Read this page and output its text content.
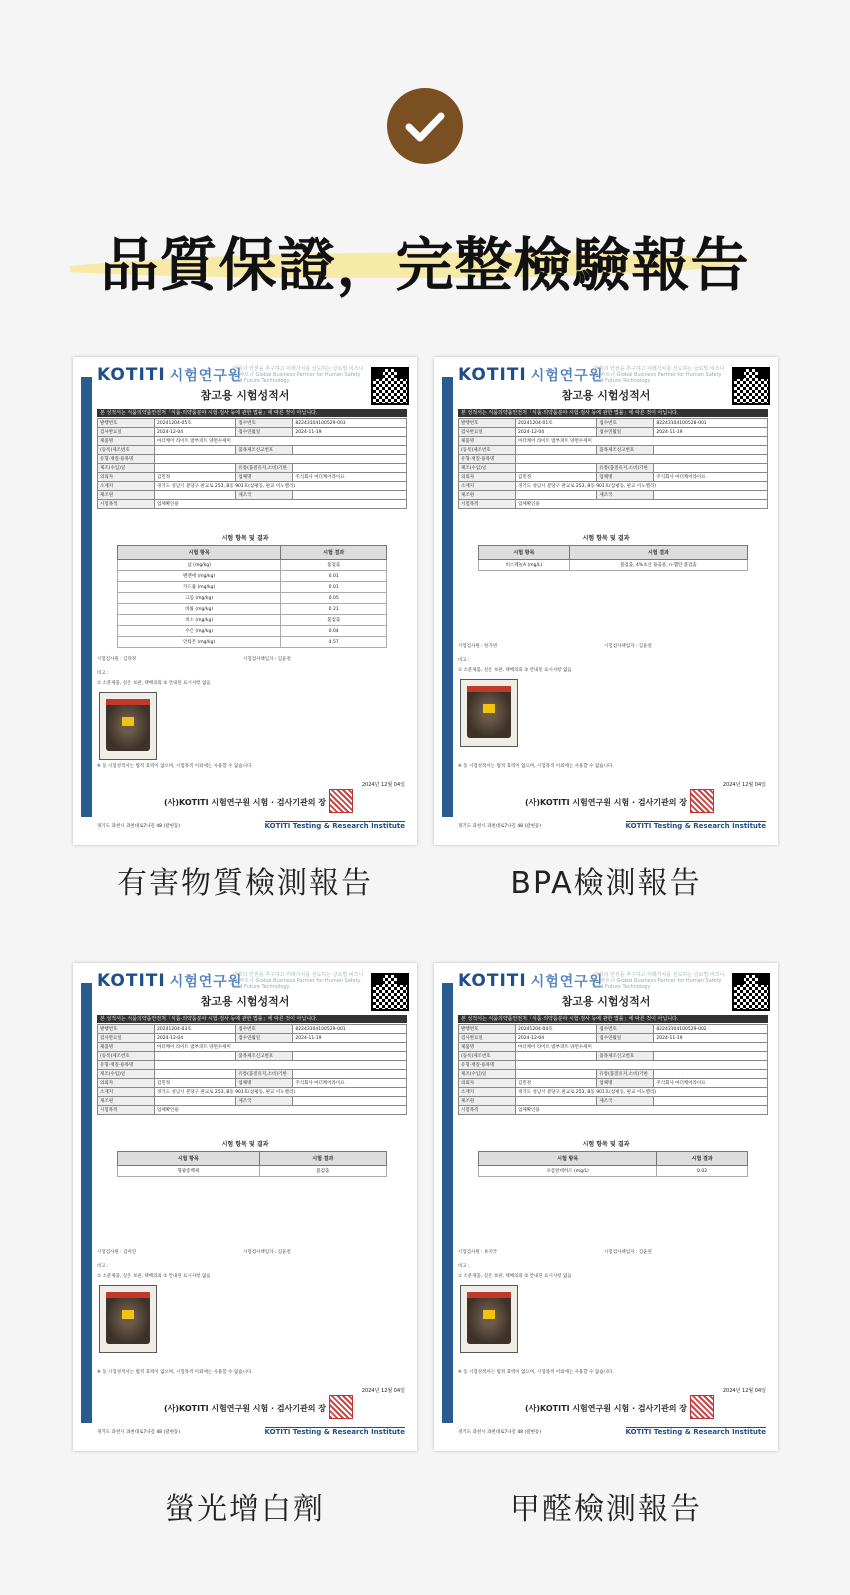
品質保證，完整檢驗報告
KOTITI 시험연구원
인류의 안전을 추구하고 미래가치를 선도하는 글로벌 비즈니스 파트너 Global Business Partner for Human Safety and Future Technology
참고용 시험성적서
본 성적서는 식품의약품안전처「식품·의약품분야 시험·검사 등에 관한 법률」에 따른 것이 아닙니다.
발행번호	20241204-05호	접수번호	82243104100529-003
검사완료일	2024-12-04	접수연월일	2024-11-19
제품명	마더케어 라이트 밤부퍼트 양면수세미		
(등록)제조번호		품목제조신고번호	
유형·재질·용목명			
제조(수입)일		유통(품질유지,소비)기한	
의뢰자	김민정	업체명	주식회사 마더케어라이프
소재지	경기도 성남시 분당구 판교로 253, B동 901호(삼평동, 판교 이노밸리)		
제조원		제조국	
시험목적	업체확인용		
시험 항목 및 결과
시험 항목	시험 결과
납 (mg/kg)	불검출
벤젠에 (mg/kg)	0.01
카드뮴 (mg/kg)	0.01
크롬 (mg/kg)	0.05
바륨 (mg/kg)	0.21
비소 (mg/kg)	불검출
수은 (mg/kg)	0.04
안티몬 (mg/kg)	4.57
시험검사원 : 김다정	시험검사책임자 : 김윤걸
비고 :
① 소분제품, 실온 보관, 택배의뢰 ② 안내된 표시사항 없음
※ 동 시험성적서는 법적 효력이 없으며, 시험목적 이외에는 사용할 수 없습니다.
2024년 12월 04일
(사)KOTITI 시험연구원 시험 · 검사기관의 장
경기도 과천시 과천대로7나길 48 (갈현동)	KOTITI Testing & Research Institute
有害物質檢測報告
KOTITI 시험연구원
인류의 안전을 추구하고 미래가치를 선도하는 글로벌 비즈니스 파트너 Global Business Partner for Human Safety and Future Technology
참고용 시험성적서
본 성적서는 식품의약품안전처「식품·의약품분야 시험·검사 등에 관한 법률」에 따른 것이 아닙니다.
발행번호	20241204-01호	접수번호	82243104100528-001
검사완료일	2024-12-04	접수연월일	2024-11-19
제품명	마더케어 라이트 밤부퍼트 양면수세미		
(등록)제조번호		품목제조신고번호	
유형·재질·용목명			
제조(수입)일		유통(품질유지,소비)기한	
의뢰자	김민정	업체명	주식회사 마더케어라이프
소재지	경기도 성남시 분당구 판교로 253, B동 901호(삼평동, 판교 이노밸리)		
제조원		제조국	
시험목적	업체확인용		
시험 항목 및 결과
시험 항목	시험 결과
비스페놀A (mg/L)	불검출, 4%초산 용출물, n-헵탄 불검출
시험검사원 : 한가영	시험검사책임자 : 김윤걸
비고 :
① 소분제품, 실온 보관, 택배의뢰 ② 안내된 표시사항 없음
※ 동 시험성적서는 법적 효력이 없으며, 시험목적 이외에는 사용할 수 없습니다.
2024년 12월 04일
(사)KOTITI 시험연구원 시험 · 검사기관의 장
경기도 과천시 과천대로7나길 48 (갈현동)	KOTITI Testing & Research Institute
BPA檢測報告
KOTITI 시험연구원
인류의 안전을 추구하고 미래가치를 선도하는 글로벌 비즈니스 파트너 Global Business Partner for Human Safety and Future Technology
참고용 시험성적서
본 성적서는 식품의약품안전처「식품·의약품분야 시험·검사 등에 관한 법률」에 따른 것이 아닙니다.
발행번호	20241204-03호	접수번호	82243104100529-001
검사완료일	2024-12-04	접수연월일	2024-11-19
제품명	마더케어 라이트 밤부퍼트 양면수세미		
(등록)제조번호		품목제조신고번호	
유형·재질·용목명			
제조(수입)일		유통(품질유지,소비)기한	
의뢰자	김민정	업체명	주식회사 마더케어라이프
소재지	경기도 성남시 분당구 판교로 253, B동 901호(삼평동, 판교 이노밸리)		
제조원		제조국	
시험목적	업체확인용		
시험 항목 및 결과
시험 항목	시험 결과
형광증백제	불검출
시험검사원 : 김아연	시험검사책임자 : 김윤걸
비고 :
① 소분제품, 실온 보관, 택배의뢰 ② 안내된 표시사항 없음
※ 동 시험성적서는 법적 효력이 없으며, 시험목적 이외에는 사용할 수 없습니다.
2024년 12월 04일
(사)KOTITI 시험연구원 시험 · 검사기관의 장
경기도 과천시 과천대로7나길 48 (갈현동)	KOTITI Testing & Research Institute
螢光增白劑
KOTITI 시험연구원
인류의 안전을 추구하고 미래가치를 선도하는 글로벌 비즈니스 파트너 Global Business Partner for Human Safety and Future Technology
참고용 시험성적서
본 성적서는 식품의약품안전처「식품·의약품분야 시험·검사 등에 관한 법률」에 따른 것이 아닙니다.
발행번호	20241204-04호	접수번호	82243104100529-002
검사완료일	2024-12-04	접수연월일	2024-11-19
제품명	마더케어 라이트 밤부퍼트 양면수세미		
(등록)제조번호		품목제조신고번호	
유형·재질·용목명			
제조(수입)일		유통(품질유지,소비)기한	
의뢰자	김민정	업체명	주식회사 마더케어라이프
소재지	경기도 성남시 분당구 판교로 253, B동 901호(삼평동, 판교 이노밸리)		
제조원		제조국	
시험목적	업체확인용		
시험 항목 및 결과
시험 항목	시험 결과
포름알데히드 (mg/L)	0.02
시험검사원 : 류지국	시험검사책임자 : 김윤걸
비고 :
① 소분제품, 실온 보관, 택배의뢰 ② 안내된 표시사항 없음
※ 동 시험성적서는 법적 효력이 없으며, 시험목적 이외에는 사용할 수 없습니다.
2024년 12월 04일
(사)KOTITI 시험연구원 시험 · 검사기관의 장
경기도 과천시 과천대로7나길 48 (갈현동)	KOTITI Testing & Research Institute
甲醛檢測報告
